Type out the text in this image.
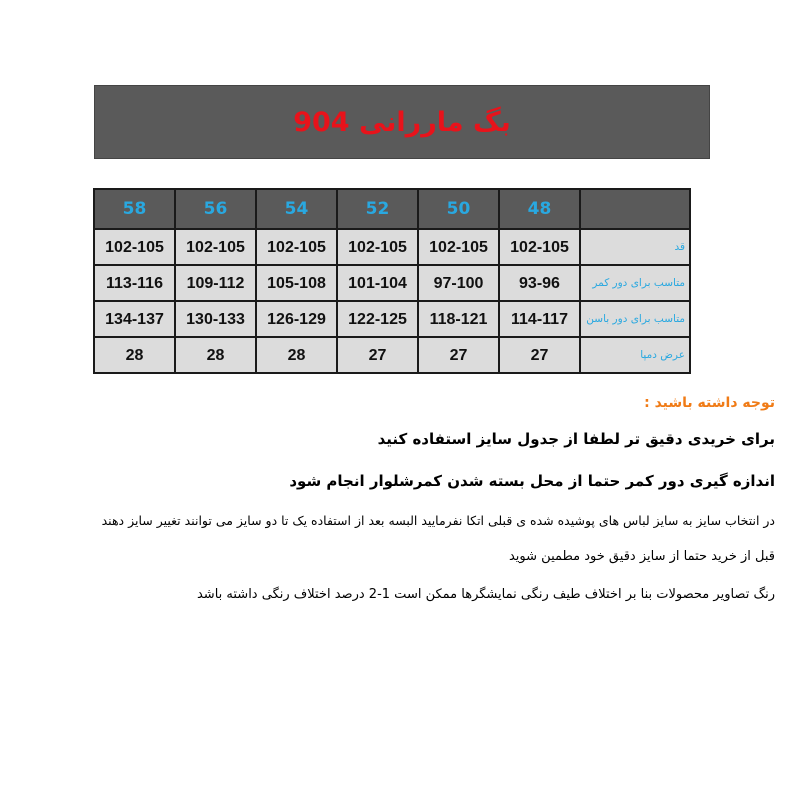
بگ ماررانی 904
	48	50	52	54	56	58

قد	102-105	102-105	102-105	102-105	102-105	102-105

متاسب برای دور کمر	93-96	97-100	101-104	105-108	109-112	113-116

متاسب برای دور باسن	114-117	118-121	122-125	126-129	130-133	134-137

عرض دمپا	27	27	27	28	28	28
توجه داشته باشید :
برای خریدی دقیق تر لطفا از جدول سایز استفاده کنید
اندازه گیری دور کمر حتما از محل بسته شدن کمرشلوار انجام شود
در انتخاب سایز به سایز لباس های پوشیده شده ی قبلی اتکا نفرمایید البسه بعد از استفاده یک تا دو سایز می توانند تغییر سایز دهند
قبل از خرید حتما از سایز دقیق خود مطمین شوید
رنگ تصاویر محصولات بنا بر اختلاف طیف رنگی نمایشگرها ممکن است 1-2 درصد اختلاف رنگی داشته باشد
